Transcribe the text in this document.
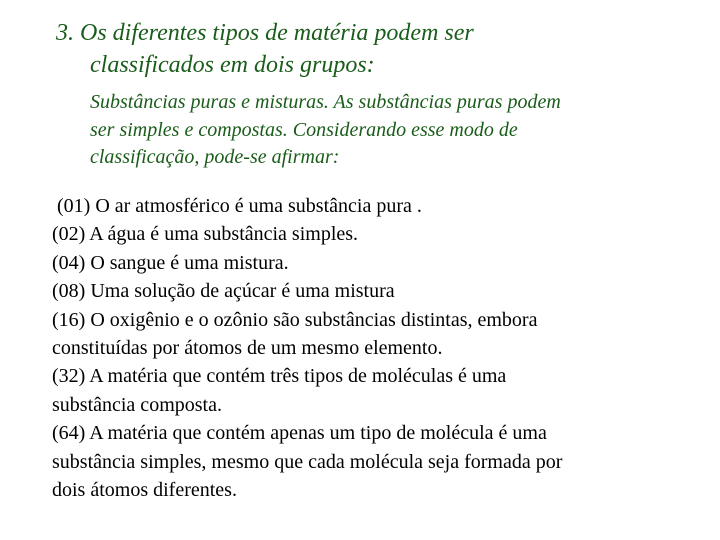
3. Os diferentes tipos de matéria podem ser
classificados em dois grupos:
Substâncias puras e misturas. As substâncias puras podem
ser simples e compostas. Considerando esse modo de
classificação, pode-se afirmar:
(01) O ar atmosférico é uma substância pura .
(02) A água é uma substância simples.
(04) O sangue é uma mistura.
(08) Uma solução de açúcar é uma mistura
(16) O oxigênio e o ozônio são substâncias distintas, embora
constituídas por átomos de um mesmo elemento.
(32) A matéria que contém três tipos de moléculas é uma
substância composta.
(64) A matéria que contém apenas um tipo de molécula é uma
substância simples, mesmo que cada molécula seja formada por
dois átomos diferentes.
